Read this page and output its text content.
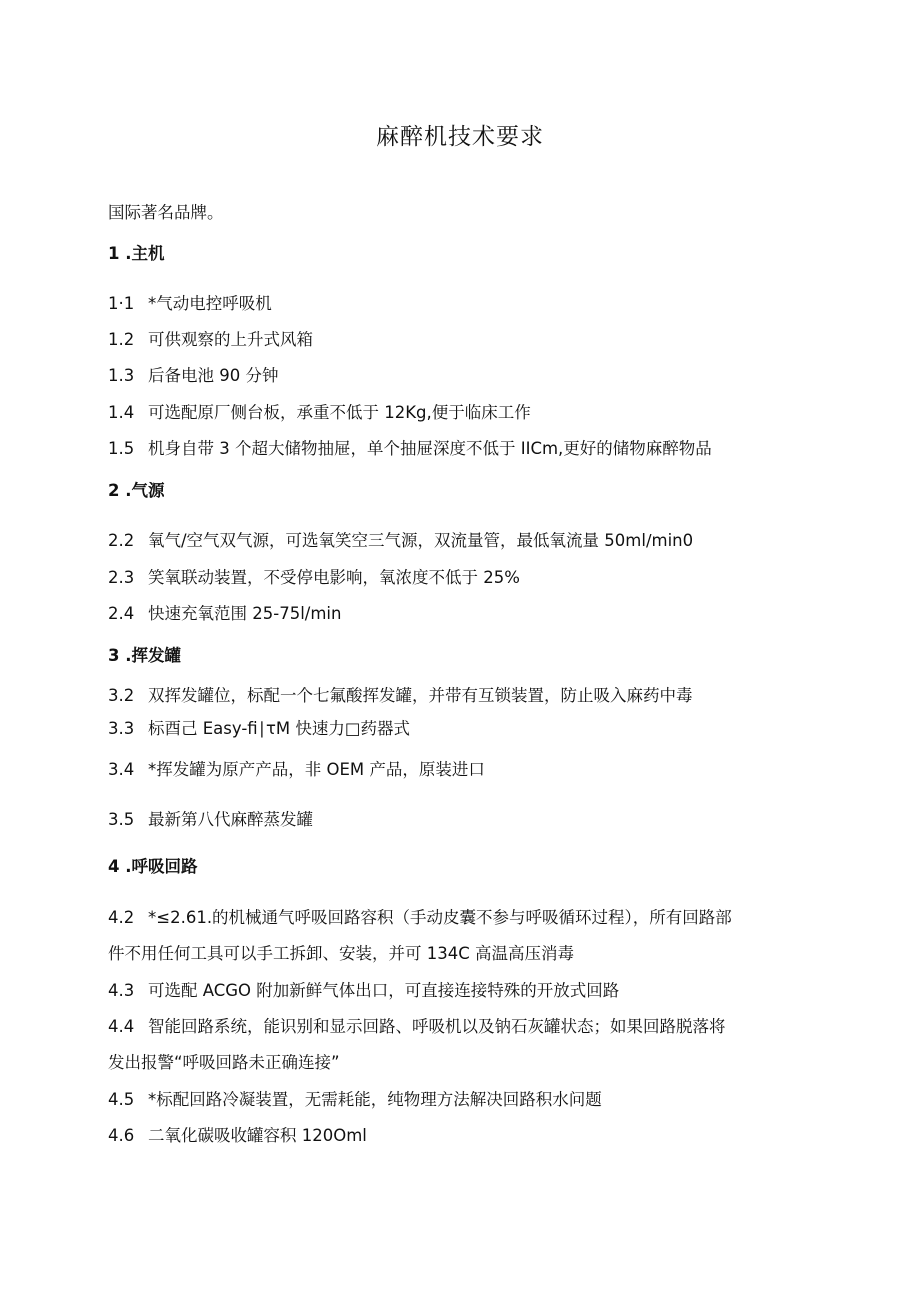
麻醉机技术要求
国际著名品牌。
1 .主机
1·1 *气动电控呼吸机
1.2 可供观察的上升式风箱
1.3 后备电池 90 分钟
1.4 可选配原厂侧台板，承重不低于 12Kg,便于临床工作
1.5 机身自带 3 个超大储物抽屉，单个抽屉深度不低于 IICm,更好的储物麻醉物品
2 .气源
2.2 氧气/空气双气源，可选氧笑空三气源，双流量管，最低氧流量 50ml∕min0
2.3 笑氧联动装置，不受停电影响，氧浓度不低于 25%
2.4 快速充氧范围 25-75l/min
3 .挥发罐
3.2 双挥发罐位，标配一个七氟酸挥发罐，并带有互锁装置，防止吸入麻药中毒
3.3 标酉己 Easy-fi∣τM 快速力□药器式
3.4 *挥发罐为原产产品，非 OEM 产品，原装进口
3.5 最新第八代麻醉蒸发罐
4 .呼吸回路
4.2 *≤2.61.的机械通气呼吸回路容积（手动皮囊不参与呼吸循环过程），所有回路部
件不用任何工具可以手工拆卸、安装，并可 134C 高温高压消毒
4.3 可选配 ACGO 附加新鲜气体出口，可直接连接特殊的开放式回路
4.4 智能回路系统，能识别和显示回路、呼吸机以及钠石灰罐状态；如果回路脱落将
发出报警“呼吸回路未正确连接”
4.5 *标配回路冷凝装置，无需耗能，纯物理方法解决回路积水问题
4.6 二氧化碳吸收罐容积 120Oml
